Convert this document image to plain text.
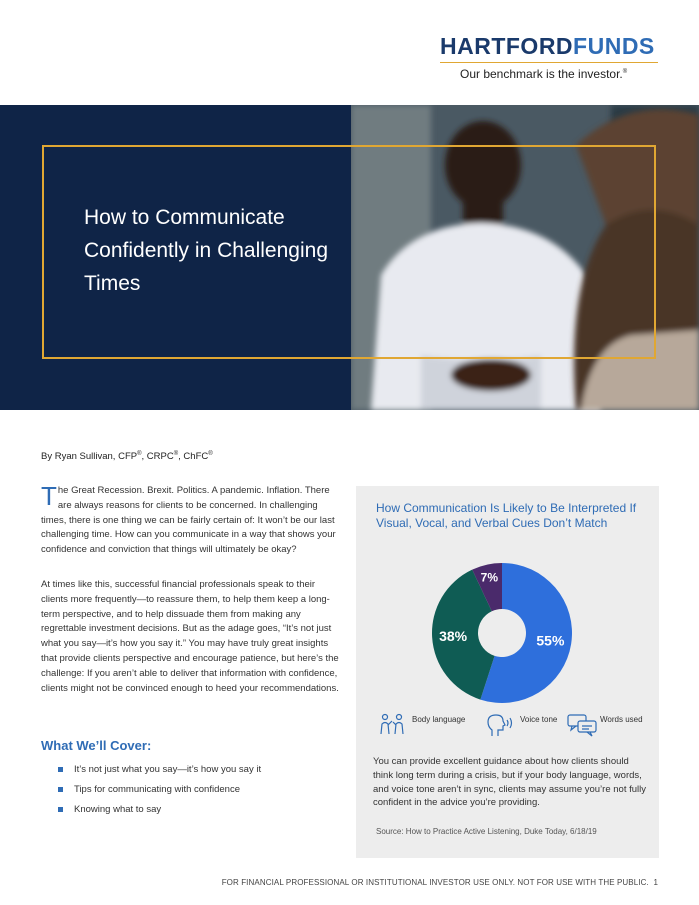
HARTFORDFUNDS
Our benchmark is the investor.®
How to Communicate Confidently in Challenging Times
By Ryan Sullivan, CFP®, CRPC®, ChFC®
The Great Recession. Brexit. Politics. A pandemic. Inflation. There are always reasons for clients to be concerned. In challenging times, there is one thing we can be fairly certain of: It won’t be our last challenging time. How can you communicate in a way that shows your confidence and conviction that things will ultimately be okay?
At times like this, successful financial professionals speak to their clients more frequently—to reassure them, to help them keep a long-term perspective, and to help dissuade them from making any regrettable investment decisions. But as the adage goes, “It’s not just what you say—it’s how you say it.” You may have truly great insights that provide clients perspective and encourage patience, but here’s the challenge: If you aren’t able to deliver that information with confidence, clients might not be convinced enough to heed your recommendations.
What We’ll Cover:
It’s not just what you say—it’s how you say it
Tips for communicating with confidence
Knowing what to say
How Communication Is Likely to Be Interpreted If Visual, Vocal, and Verbal Cues Don’t Match
55%
38%
7%
Body language	Voice tone	Words used
You can provide excellent guidance about how clients should think long term during a crisis, but if your body language, words, and voice tone aren’t in sync, clients may assume you’re not fully confident in the advice you’re providing.
Source: How to Practice Active Listening, Duke Today, 6/18/19
FOR FINANCIAL PROFESSIONAL OR INSTITUTIONAL INVESTOR USE ONLY. NOT FOR USE WITH THE PUBLIC. 1
